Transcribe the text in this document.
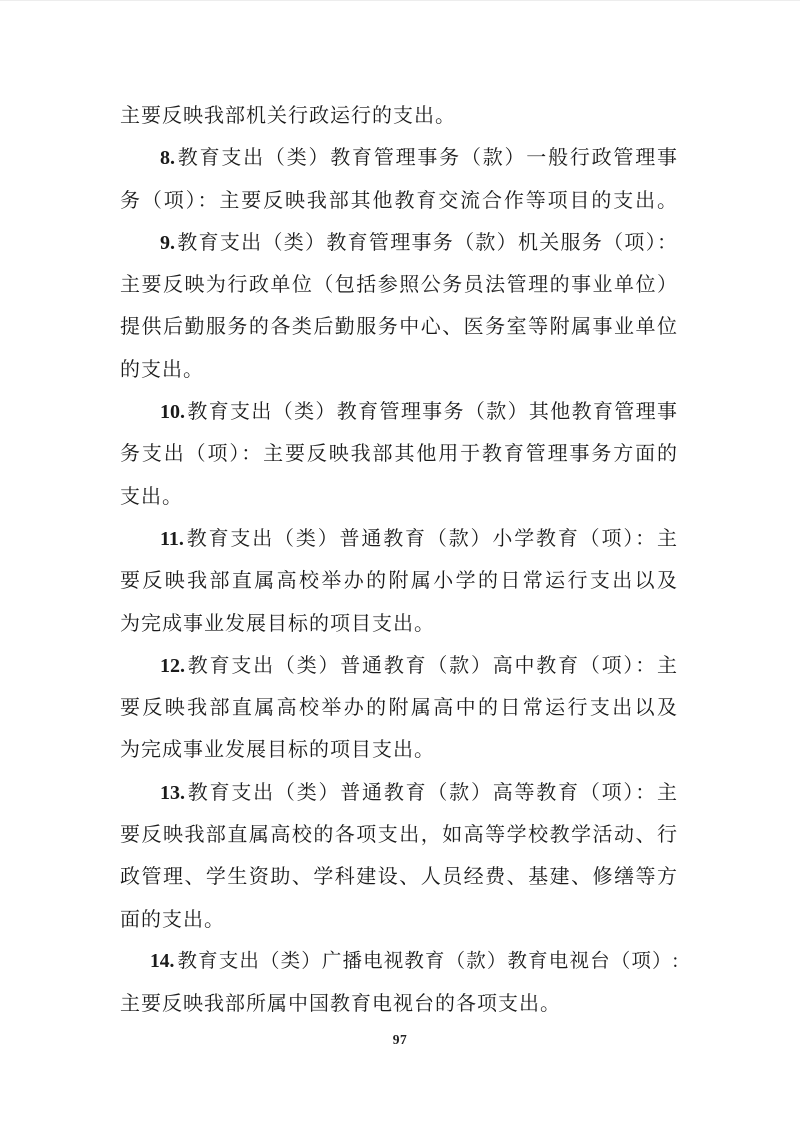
主要反映我部机关行政运行的支出。
8. 教育支出（类）教育管理事务（款）一般行政管理事
务（项）：主要反映我部其他教育交流合作等项目的支出。
9. 教育支出（类）教育管理事务（款）机关服务（项）：
主要反映为行政单位（包括参照公务员法管理的事业单位）
提供后勤服务的各类后勤服务中心、医务室等附属事业单位
的支出。
10. 教育支出（类）教育管理事务（款）其他教育管理事
务支出（项）：主要反映我部其他用于教育管理事务方面的
支出。
11. 教育支出（类）普通教育（款）小学教育（项）：主
要反映我部直属高校举办的附属小学的日常运行支出以及
为完成事业发展目标的项目支出。
12. 教育支出（类）普通教育（款）高中教育（项）：主
要反映我部直属高校举办的附属高中的日常运行支出以及
为完成事业发展目标的项目支出。
13. 教育支出（类）普通教育（款）高等教育（项）：主
要反映我部直属高校的各项支出，如高等学校教学活动、行
政管理、学生资助、学科建设、人员经费、基建、修缮等方
面的支出。
14. 教育支出（类）广播电视教育（款）教育电视台（项）:
主要反映我部所属中国教育电视台的各项支出。
97
